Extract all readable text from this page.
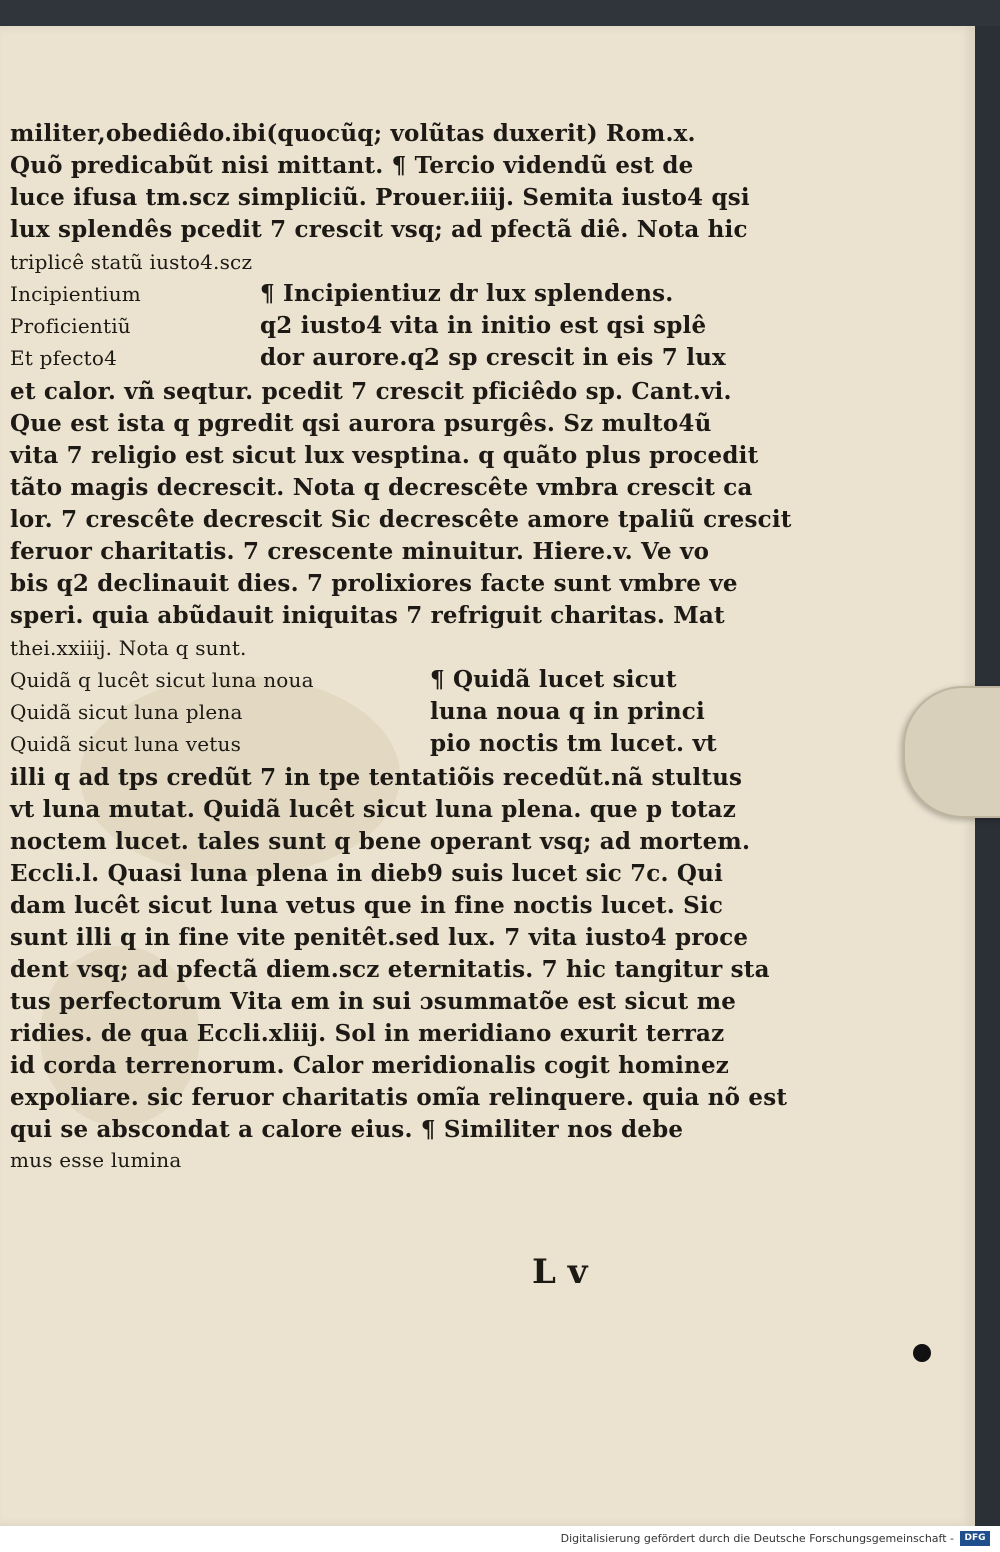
militer,obediêdo.ibi(quocũq; volũtas duxerit) Rom.x.
Quõ predicabũt nisi mittant. ¶ Tercio videndũ est de
luce ifusa tm.scz simpliciũ. Prouer.iiij. Semita iusto4 qsi
lux splendês pcedit 7 crescit vsq; ad pfectã diê. Nota hic
triplicê statũ iusto4.scz
Incipientium
Proficientiũ
Et pfecto4
¶ Incipientiuz dr lux splendens.
q2 iusto4 vita in initio est qsi splê
dor aurore.q2 sp crescit in eis 7 lux
et calor. vñ seqtur. pcedit 7 crescit pficiêdo sp. Cant.vi.
Que est ista q pgredit qsi aurora psurgês. Sz multo4ũ
vita 7 religio est sicut lux vesptina. q quãto plus procedit
tãto magis decrescit. Nota q decrescête vmbra crescit ca
lor. 7 crescête decrescit Sic decrescête amore tpaliũ crescit
feruor charitatis. 7 crescente minuitur. Hiere.v. Ve vo
bis q2 declinauit dies. 7 prolixiores facte sunt vmbre ve
speri. quia abũdauit iniquitas 7 refriguit charitas. Mat
thei.xxiiij. Nota q sunt.
Quidã q lucêt sicut luna noua
Quidã sicut luna plena
Quidã sicut luna vetus
¶ Quidã lucet sicut
luna noua q in princi
pio noctis tm lucet. vt
illi q ad tps credũt 7 in tpe tentatiõis recedũt.nã stultus
vt luna mutat. Quidã lucêt sicut luna plena. que p totaz
noctem lucet. tales sunt q bene operant vsq; ad mortem.
Eccli.l. Quasi luna plena in dieb9 suis lucet sic 7c. Qui
dam lucêt sicut luna vetus que in fine noctis lucet. Sic
sunt illi q in fine vite penitêt.sed lux. 7 vita iusto4 proce
dent vsq; ad pfectã diem.scz eternitatis. 7 hic tangitur sta
tus perfectorum Vita em in sui ɔsummatõe est sicut me
ridies. de qua Eccli.xliij. Sol in meridiano exurit terraz
id corda terrenorum. Calor meridionalis cogit hominez
expoliare. sic feruor charitatis omĩa relinquere. quia nõ est
qui se abscondat a calore eius. ¶ Similiter nos debe
mus esse lumina
L v
Digitalisierung gefördert durch die Deutsche Forschungsgemeinschaft -	DFG
